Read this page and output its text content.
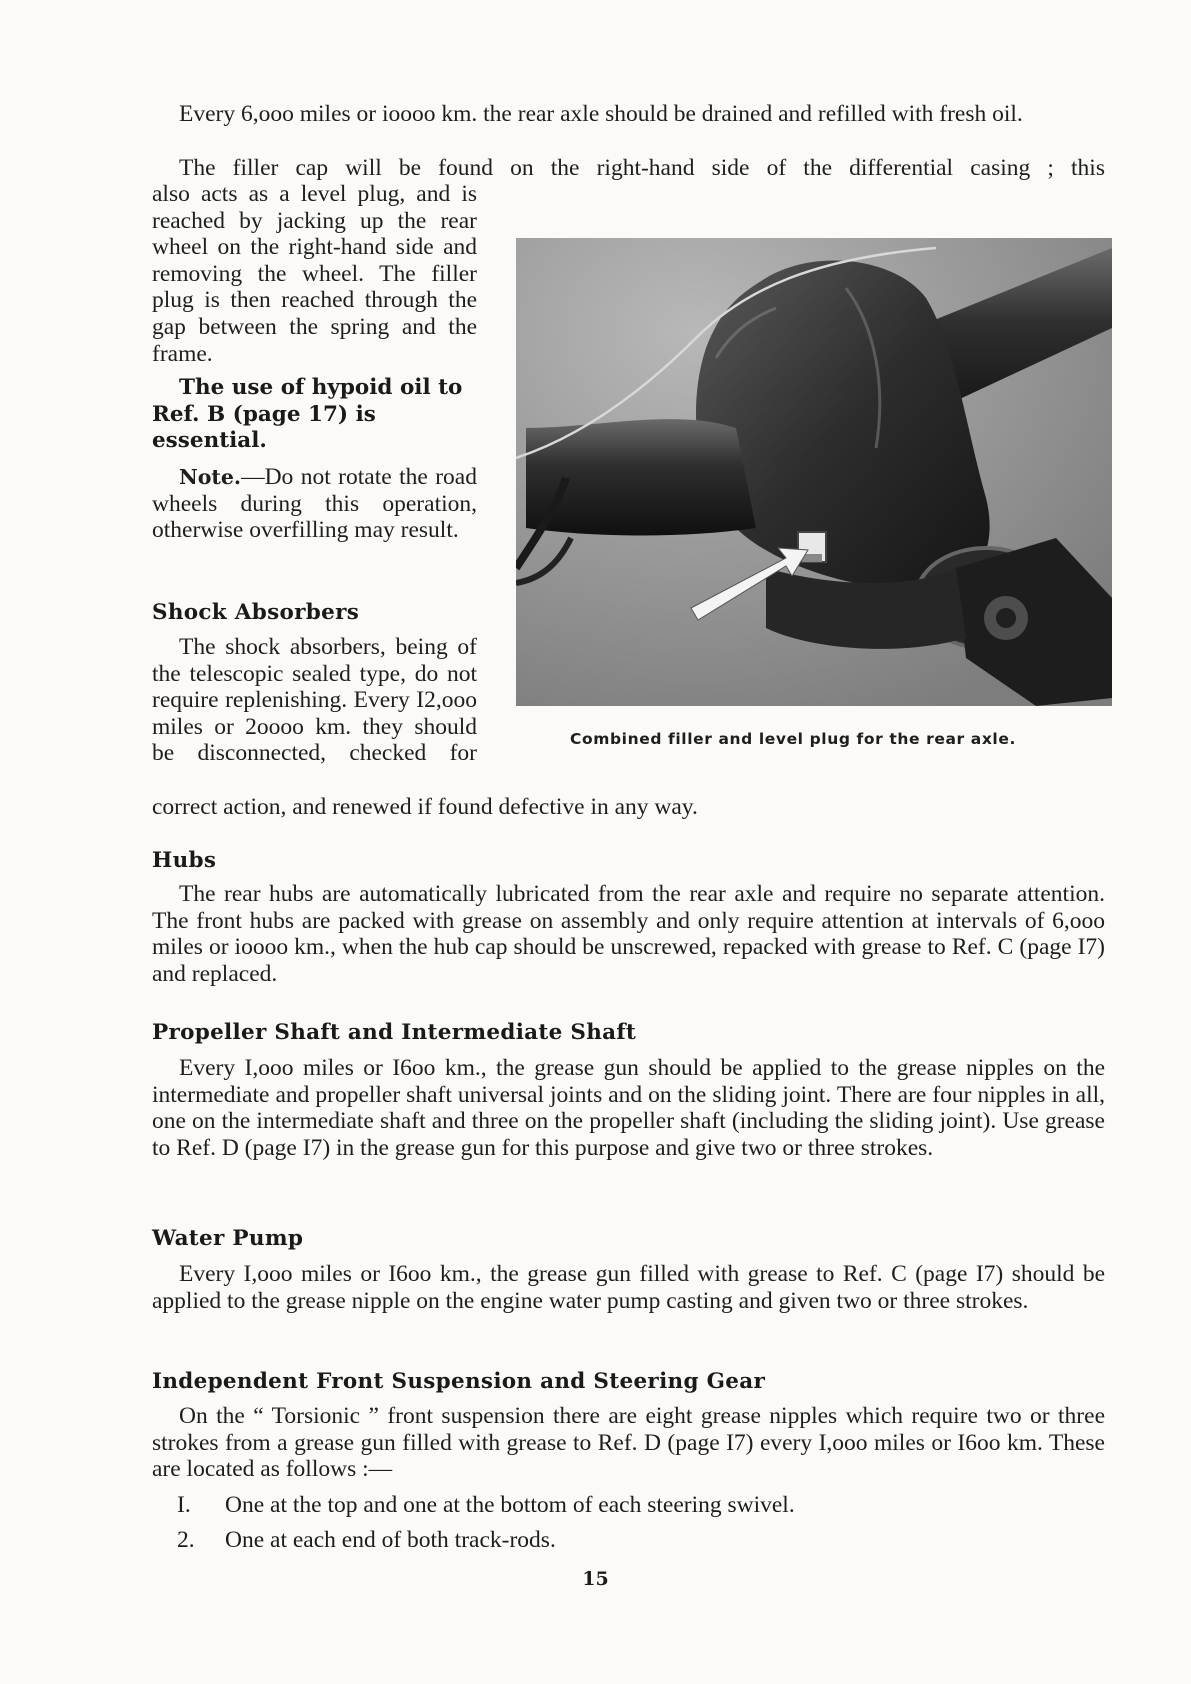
Every 6,ooo miles or ioooo km. the rear axle should be drained and refilled with fresh oil.
The filler cap will be found on the right-hand side of the differential casing ; this
also acts as a level plug, and is reached by jacking up the rear wheel on the right-hand side and removing the wheel. The filler plug is then reached through the gap between the spring and the frame.
The use of hypoid oil to Ref. B (page 17) is essential.
Note.—Do not rotate the road wheels during this operation, otherwise overfilling may result.
Shock Absorbers
The shock absorbers, being of the telescopic sealed type, do not require replenishing. Every I2,ooo miles or 2oooo km. they should be disconnected, checked for
correct action, and renewed if found defective in any way.
Combined filler and level plug for the rear axle.
Hubs
The rear hubs are automatically lubricated from the rear axle and require no separate attention. The front hubs are packed with grease on assembly and only require attention at intervals of 6,ooo miles or ioooo km., when the hub cap should be unscrewed, repacked with grease to Ref. C (page I7) and replaced.
Propeller Shaft and Intermediate Shaft
Every I,ooo miles or I6oo km., the grease gun should be applied to the grease nipples on the intermediate and propeller shaft universal joints and on the sliding joint. There are four nipples in all, one on the intermediate shaft and three on the propeller shaft (including the sliding joint). Use grease to Ref. D (page I7) in the grease gun for this purpose and give two or three strokes.
Water Pump
Every I,ooo miles or I6oo km., the grease gun filled with grease to Ref. C (page I7) should be applied to the grease nipple on the engine water pump casting and given two or three strokes.
Independent Front Suspension and Steering Gear
On the “ Torsionic ” front suspension there are eight grease nipples which require two or three strokes from a grease gun filled with grease to Ref. D (page I7) every I,ooo miles or I6oo km. These are located as follows :—
I. One at the top and one at the bottom of each steering swivel.
2. One at each end of both track-rods.
15
